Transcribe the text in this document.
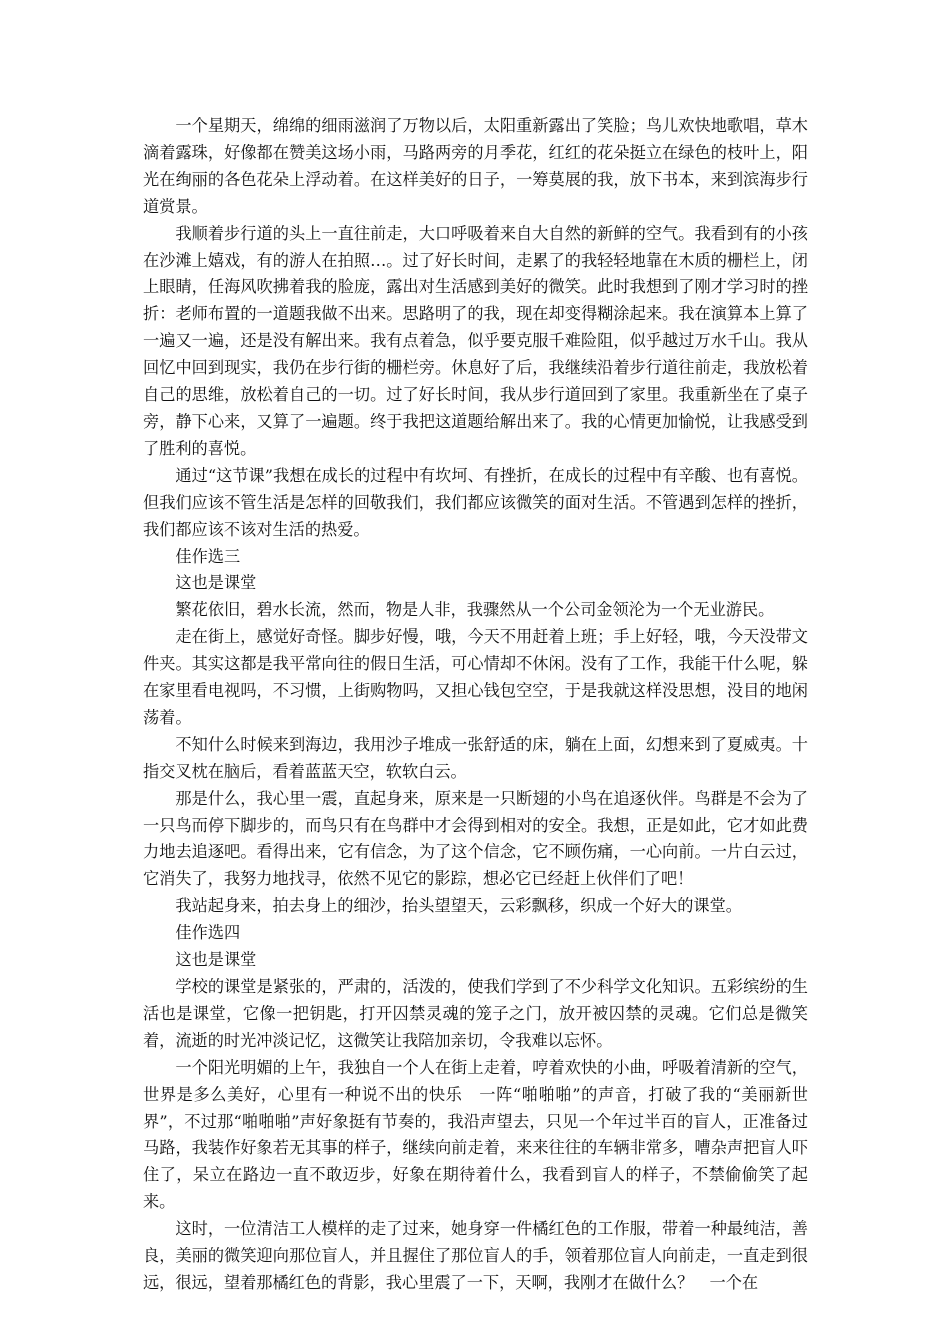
一个星期天，绵绵的细雨滋润了万物以后，太阳重新露出了笑脸；鸟儿欢快地歌唱，草木滴着露珠，好像都在赞美这场小雨，马路两旁的月季花，红红的花朵挺立在绿色的枝叶上，阳光在绚丽的各色花朵上浮动着。在这样美好的日子，一筹莫展的我，放下书本，来到滨海步行道赏景。

我顺着步行道的头上一直往前走，大口呼吸着来自大自然的新鲜的空气。我看到有的小孩在沙滩上嬉戏，有的游人在拍照…。过了好长时间，走累了的我轻轻地靠在木质的栅栏上，闭上眼睛，任海风吹拂着我的脸庞，露出对生活感到美好的微笑。此时我想到了刚才学习时的挫折：老师布置的一道题我做不出来。思路明了的我，现在却变得糊涂起来。我在演算本上算了一遍又一遍，还是没有解出来。我有点着急，似乎要克服千难险阻，似乎越过万水千山。我从回忆中回到现实，我仍在步行街的栅栏旁。休息好了后，我继续沿着步行道往前走，我放松着自己的思维，放松着自己的一切。过了好长时间，我从步行道回到了家里。我重新坐在了桌子旁，静下心来，又算了一遍题。终于我把这道题给解出来了。我的心情更加愉悦，让我感受到了胜利的喜悦。

通过“这节课”我想在成长的过程中有坎坷、有挫折，在成长的过程中有辛酸、也有喜悦。但我们应该不管生活是怎样的回敬我们，我们都应该微笑的面对生活。不管遇到怎样的挫折，我们都应该不该对生活的热爱。

佳作选三

这也是课堂

繁花依旧，碧水长流，然而，物是人非，我骤然从一个公司金领沦为一个无业游民。

走在街上，感觉好奇怪。脚步好慢，哦，今天不用赶着上班；手上好轻，哦，今天没带文件夹。其实这都是我平常向往的假日生活，可心情却不休闲。没有了工作，我能干什么呢，躲在家里看电视吗，不习惯，上街购物吗，又担心钱包空空，于是我就这样没思想，没目的地闲荡着。

不知什么时候来到海边，我用沙子堆成一张舒适的床，躺在上面，幻想来到了夏威夷。十指交叉枕在脑后，看着蓝蓝天空，软软白云。

那是什么，我心里一震，直起身来，原来是一只断翅的小鸟在追逐伙伴。鸟群是不会为了一只鸟而停下脚步的，而鸟只有在鸟群中才会得到相对的安全。我想，正是如此，它才如此费力地去追逐吧。看得出来，它有信念，为了这个信念，它不顾伤痛，一心向前。一片白云过，它消失了，我努力地找寻，依然不见它的影踪，想必它已经赶上伙伴们了吧！

我站起身来，拍去身上的细沙，抬头望望天，云彩飘移，织成一个好大的课堂。

佳作选四

这也是课堂

学校的课堂是紧张的，严肃的，活泼的，使我们学到了不少科学文化知识。五彩缤纷的生活也是课堂，它像一把钥匙，打开囚禁灵魂的笼子之门，放开被囚禁的灵魂。它们总是微笑着，流逝的时光冲淡记忆，这微笑让我陪加亲切，令我难以忘怀。

一个阳光明媚的上午，我独自一个人在街上走着，哼着欢快的小曲，呼吸着清新的空气，世界是多么美好，心里有一种说不出的快乐　一阵“啪啪啪”的声音，打破了我的“美丽新世界”，不过那“啪啪啪”声好象挺有节奏的，我沿声望去，只见一个年过半百的盲人，正准备过马路，我装作好象若无其事的样子，继续向前走着，来来往往的车辆非常多，嘈杂声把盲人吓住了，呆立在路边一直不敢迈步，好象在期待着什么，我看到盲人的样子，不禁偷偷笑了起来。

这时，一位清洁工人模样的走了过来，她身穿一件橘红色的工作服，带着一种最纯洁，善良，美丽的微笑迎向那位盲人，并且握住了那位盲人的手，领着那位盲人向前走，一直走到很远，很远，望着那橘红色的背影，我心里震了一下，天啊，我刚才在做什么？　一个在
